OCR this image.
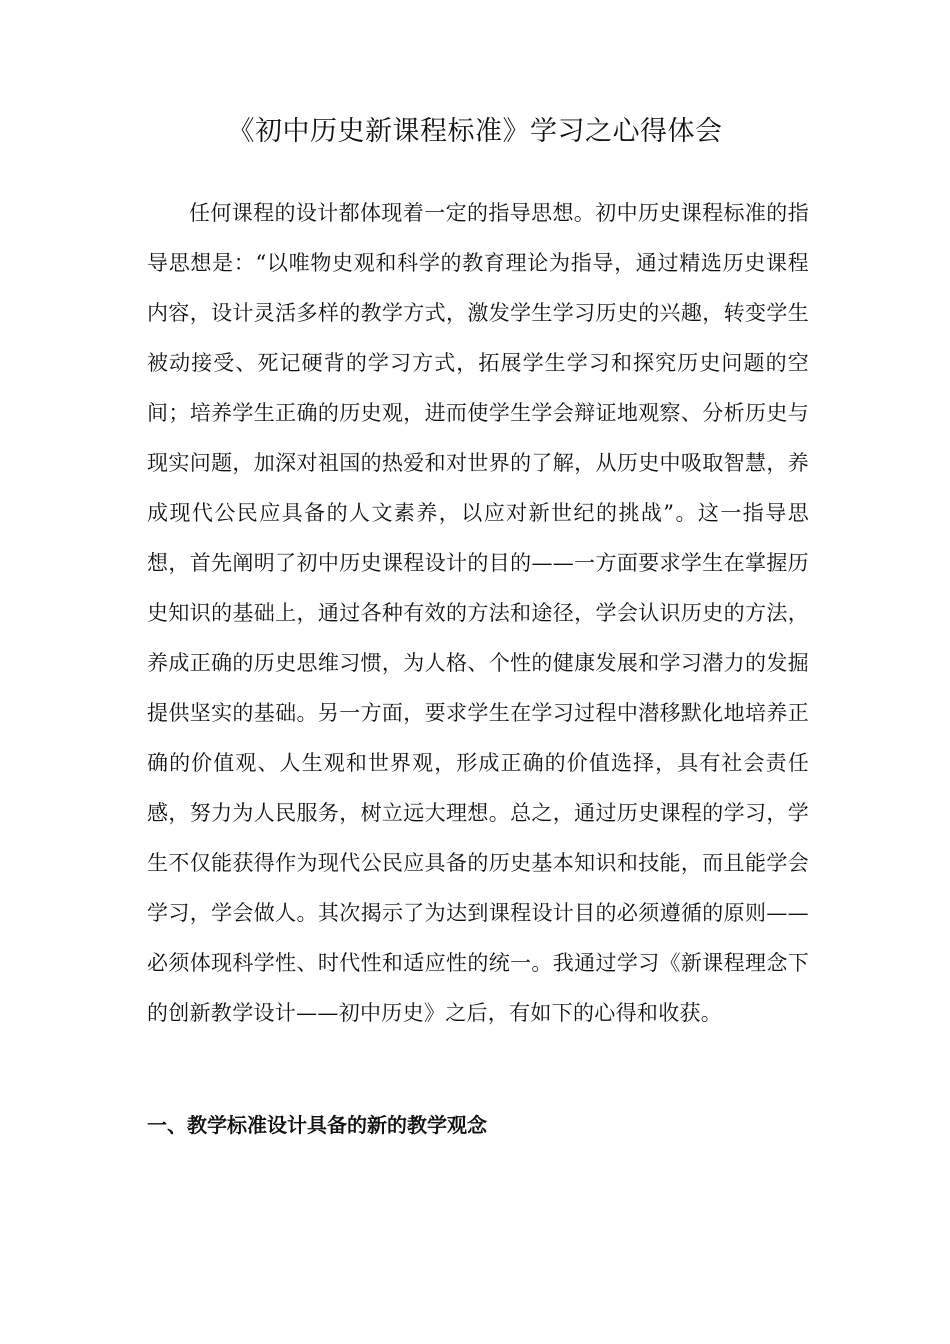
《初中历史新课程标准》学习之心得体会

任何课程的设计都体现着一定的指导思想。初中历史课程标准的指导思想是：“以唯物史观和科学的教育理论为指导，通过精选历史课程内容，设计灵活多样的教学方式，激发学生学习历史的兴趣，转变学生被动接受、死记硬背的学习方式，拓展学生学习和探究历史问题的空间；培养学生正确的历史观，进而使学生学会辩证地观察、分析历史与现实问题，加深对祖国的热爱和对世界的了解，从历史中吸取智慧，养成现代公民应具备的人文素养，以应对新世纪的挑战”。这一指导思想，首先阐明了初中历史课程设计的目的——一方面要求学生在掌握历史知识的基础上，通过各种有效的方法和途径，学会认识历史的方法，养成正确的历史思维习惯，为人格、个性的健康发展和学习潜力的发掘提供坚实的基础。另一方面，要求学生在学习过程中潜移默化地培养正确的价值观、人生观和世界观，形成正确的价值选择，具有社会责任感，努力为人民服务，树立远大理想。总之，通过历史课程的学习，学生不仅能获得作为现代公民应具备的历史基本知识和技能，而且能学会学习，学会做人。其次揭示了为达到课程设计目的必须遵循的原则——必须体现科学性、时代性和适应性的统一。我通过学习《新课程理念下的创新教学设计——初中历史》之后，有如下的心得和收获。

一、教学标准设计具备的新的教学观念
